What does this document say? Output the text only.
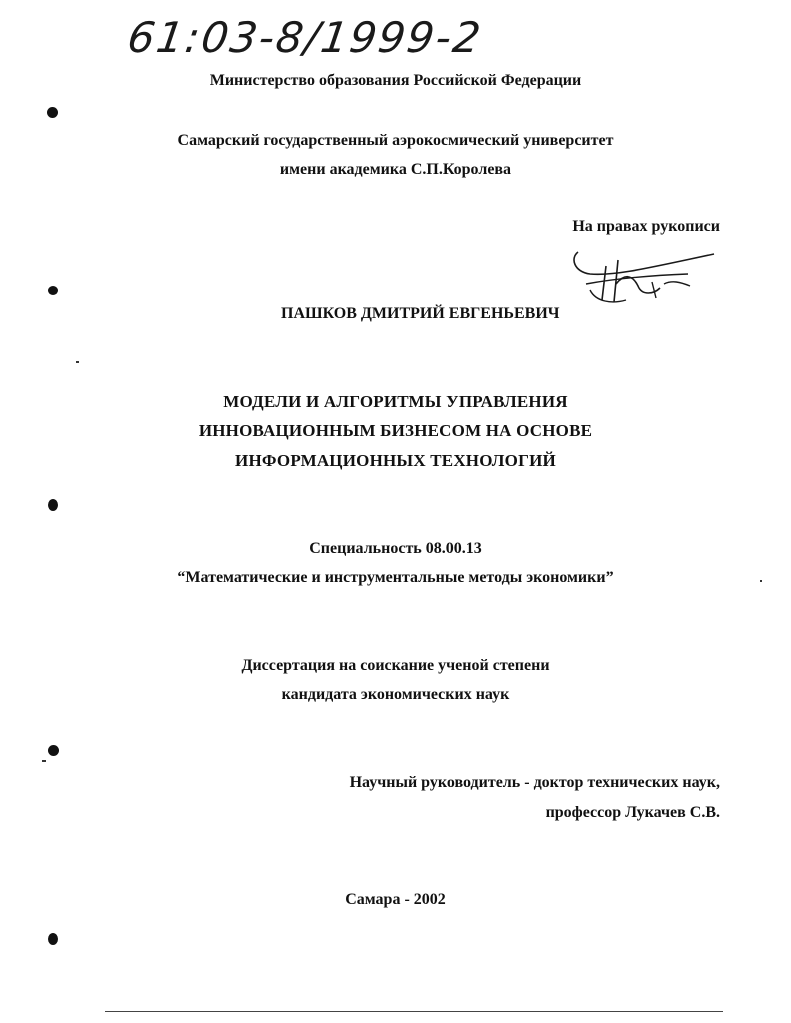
61:03-8/1999-2
Министерство образования Российской Федерации
Самарский государственный аэрокосмический университет
имени академика С.П.Королева
На правах рукописи
ПАШКОВ ДМИТРИЙ ЕВГЕНЬЕВИЧ
МОДЕЛИ И АЛГОРИТМЫ УПРАВЛЕНИЯ
ИННОВАЦИОННЫМ БИЗНЕСОМ НА ОСНОВЕ
ИНФОРМАЦИОННЫХ ТЕХНОЛОГИЙ
Специальность 08.00.13
“Математические и инструментальные методы экономики”
Диссертация на соискание ученой степени
кандидата экономических наук
Научный руководитель - доктор технических наук,
профессор Лукачев С.В.
Самара - 2002
